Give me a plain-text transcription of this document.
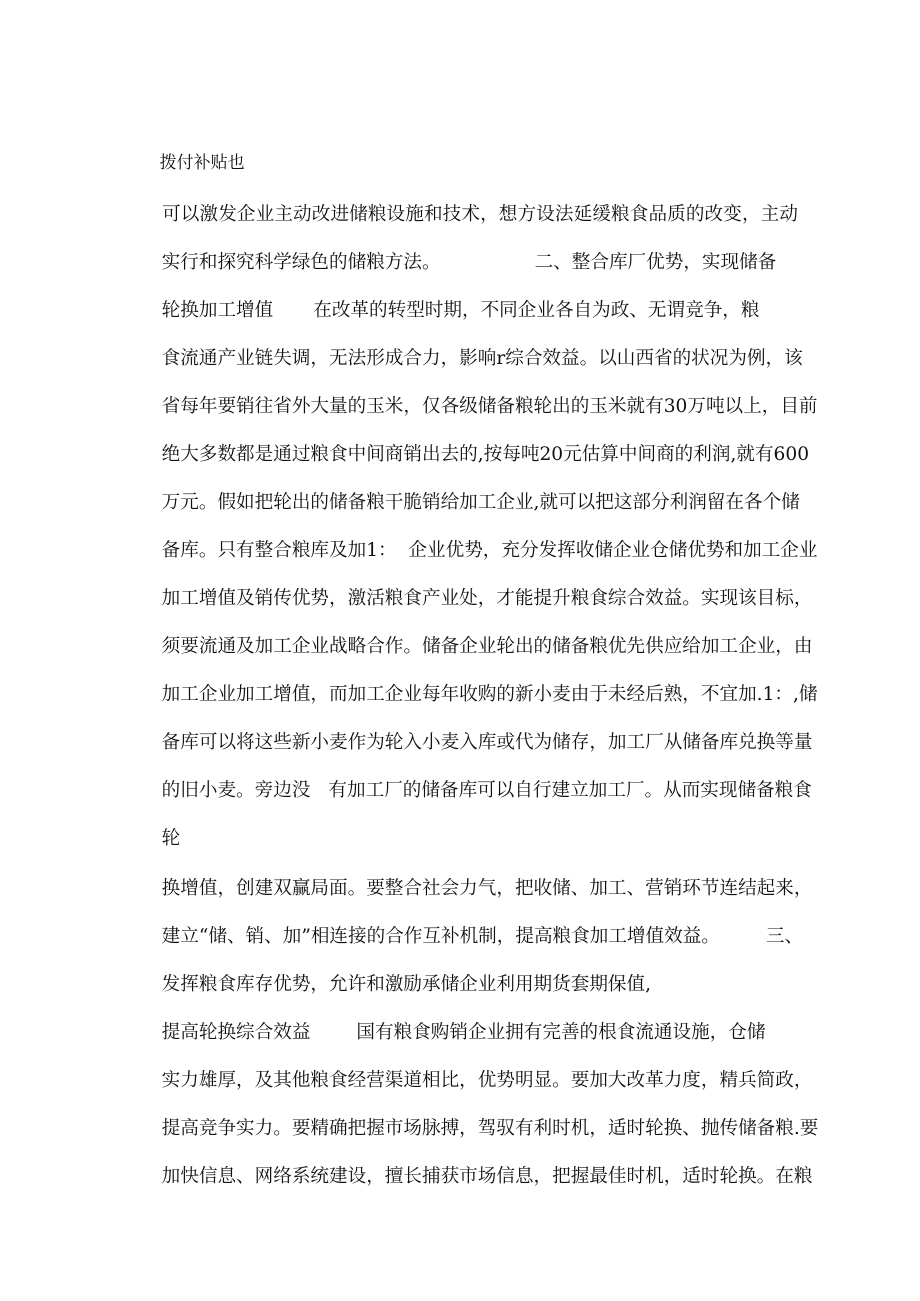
拨付补贴也

可以激发企业主动改进储粮设施和技术，想方设法延缓粮食品质的改变，主动

实行和探究科学绿色的储粮方法。	二、整合库厂优势，实现储备

轮换加工增值 在改革的转型时期，不同企业各自为政、无谓竞争，粮

食流通产业链失调，无法形成合力，影响r综合效益。以山西省的状况为例，该

省每年要销往省外大量的玉米，仅各级储备粮轮出的玉米就有30万吨以上，目前

绝大多数都是通过粮食中间商销出去的,按每吨20元估算中间商的利润,就有600

万元。假如把轮出的储备粮干脆销给加工企业,就可以把这部分利润留在各个储

备库。只有整合粮库及加1：  企业优势，充分发挥收储企业仓储优势和加工企业

加工增值及销传优势，激活粮食产业处，才能提升粮食综合效益。实现该目标，

须要流通及加工企业战略合作。储备企业轮出的储备粮优先供应给加工企业，由

加工企业加工增值，而加工企业每年收购的新小麦由于未经后熟，不宜加.1：,储

备库可以将这些新小麦作为轮入小麦入库或代为储存，加工厂从储备库兑换等量

的旧小麦。旁边没 有加工厂的储备库可以自行建立加工厂。从而实现储备粮食

轮

换增值，创建双赢局面。要整合社会力气，把收储、加工、营销环节连结起来，

建立“储、销、加”相连接的合作互补机制，提高粮食加工增值效益。 三、

发挥粮食库存优势，允许和激励承储企业利用期货套期保值,

提高轮换综合效益 国有粮食购销企业拥有完善的根食流通设施，仓储

实力雄厚，及其他粮食经营渠道相比，优势明显。要加大改革力度，精兵简政，

提高竞争实力。要精确把握市场脉搏，驾驭有利时机，适时轮换、抛传储备粮.要

加快信息、网络系统建设，擅长捕获市场信息，把握最佳时机，适时轮换。在粮
